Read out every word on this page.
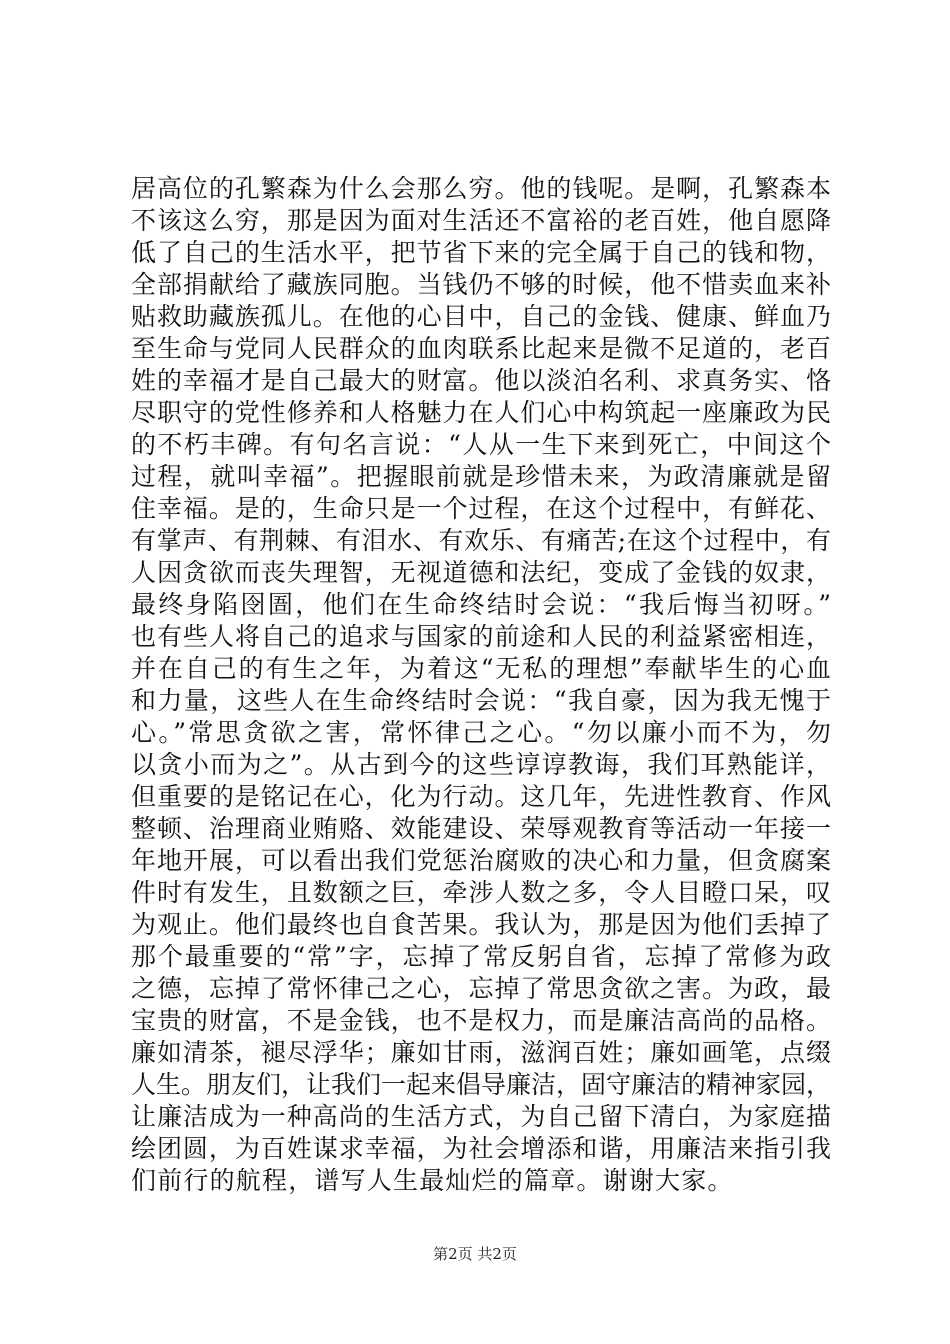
居高位的孔繁森为什么会那么穷。他的钱呢。是啊，孔繁森本
不该这么穷，那是因为面对生活还不富裕的老百姓，他自愿降
低了自己的生活水平，把节省下来的完全属于自己的钱和物，
全部捐献给了藏族同胞。当钱仍不够的时候，他不惜卖血来补
贴救助藏族孤儿。在他的心目中，自己的金钱、健康、鲜血乃
至生命与党同人民群众的血肉联系比起来是微不足道的，老百
姓的幸福才是自己最大的财富。他以淡泊名利、求真务实、恪
尽职守的党性修养和人格魅力在人们心中构筑起一座廉政为民
的不朽丰碑。有句名言说：“人从一生下来到死亡，中间这个
过程，就叫幸福”。把握眼前就是珍惜未来，为政清廉就是留
住幸福。是的，生命只是一个过程，在这个过程中，有鲜花、
有掌声、有荆棘、有泪水、有欢乐、有痛苦;在这个过程中，有
人因贪欲而丧失理智，无视道德和法纪，变成了金钱的奴隶，
最终身陷囹圄，他们在生命终结时会说：“我后悔当初呀。”
也有些人将自己的追求与国家的前途和人民的利益紧密相连，
并在自己的有生之年，为着这“无私的理想”奉献毕生的心血
和力量，这些人在生命终结时会说：“我自豪，因为我无愧于
心。”常思贪欲之害，常怀律己之心。“勿以廉小而不为，勿
以贪小而为之”。从古到今的这些谆谆教诲，我们耳熟能详，
但重要的是铭记在心，化为行动。这几年，先进性教育、作风
整顿、治理商业贿赂、效能建设、荣辱观教育等活动一年接一
年地开展，可以看出我们党惩治腐败的决心和力量，但贪腐案
件时有发生，且数额之巨，牵涉人数之多，令人目瞪口呆，叹
为观止。他们最终也自食苦果。我认为，那是因为他们丢掉了
那个最重要的“常”字，忘掉了常反躬自省，忘掉了常修为政
之德，忘掉了常怀律己之心，忘掉了常思贪欲之害。为政，最
宝贵的财富，不是金钱，也不是权力，而是廉洁高尚的品格。
廉如清茶，褪尽浮华；廉如甘雨，滋润百姓；廉如画笔，点缀
人生。朋友们，让我们一起来倡导廉洁，固守廉洁的精神家园，
让廉洁成为一种高尚的生活方式，为自己留下清白，为家庭描
绘团圆，为百姓谋求幸福，为社会增添和谐，用廉洁来指引我
们前行的航程，谱写人生最灿烂的篇章。谢谢大家。
第2页 共2页
